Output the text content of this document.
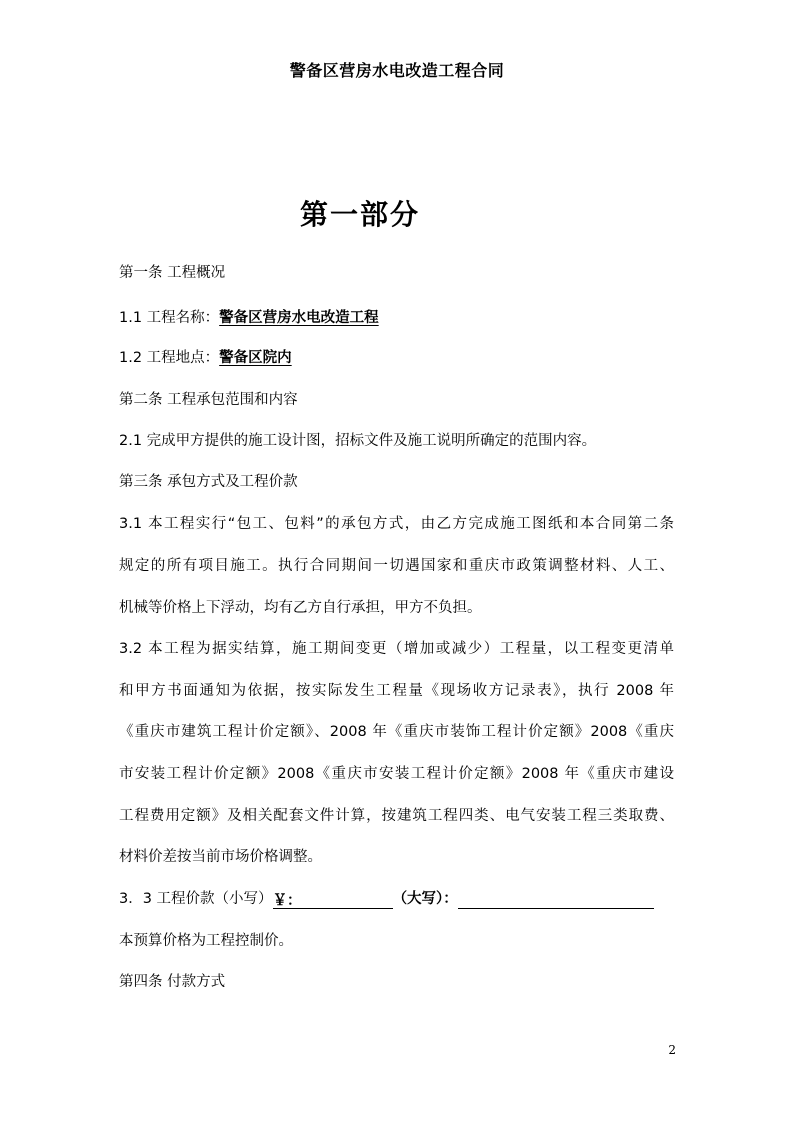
警备区营房水电改造工程合同
第一部分
第一条 工程概况
1.1 工程名称：警备区营房水电改造工程
1.2 工程地点：警备区院内
第二条 工程承包范围和内容
2.1 完成甲方提供的施工设计图，招标文件及施工说明所确定的范围内容。
第三条 承包方式及工程价款
3.1 本工程实行“包工、包料”的承包方式，由乙方完成施工图纸和本合同第二条
规定的所有项目施工。执行合同期间一切遇国家和重庆市政策调整材料、人工、
机械等价格上下浮动，均有乙方自行承担，甲方不负担。
3.2 本工程为据实结算，施工期间变更（增加或减少）工程量，以工程变更清单
和甲方书面通知为依据，按实际发生工程量《现场收方记录表》，执行 2008 年
《重庆市建筑工程计价定额》、2008 年《重庆市装饰工程计价定额》2008《重庆
市安装工程计价定额》2008《重庆市安装工程计价定额》2008 年《重庆市建设
工程费用定额》及相关配套文件计算，按建筑工程四类、电气安装工程三类取费、
材料价差按当前市场价格调整。
3．3 工程价款（小写）￥：	（大写）：
本预算价格为工程控制价。
第四条 付款方式
2
